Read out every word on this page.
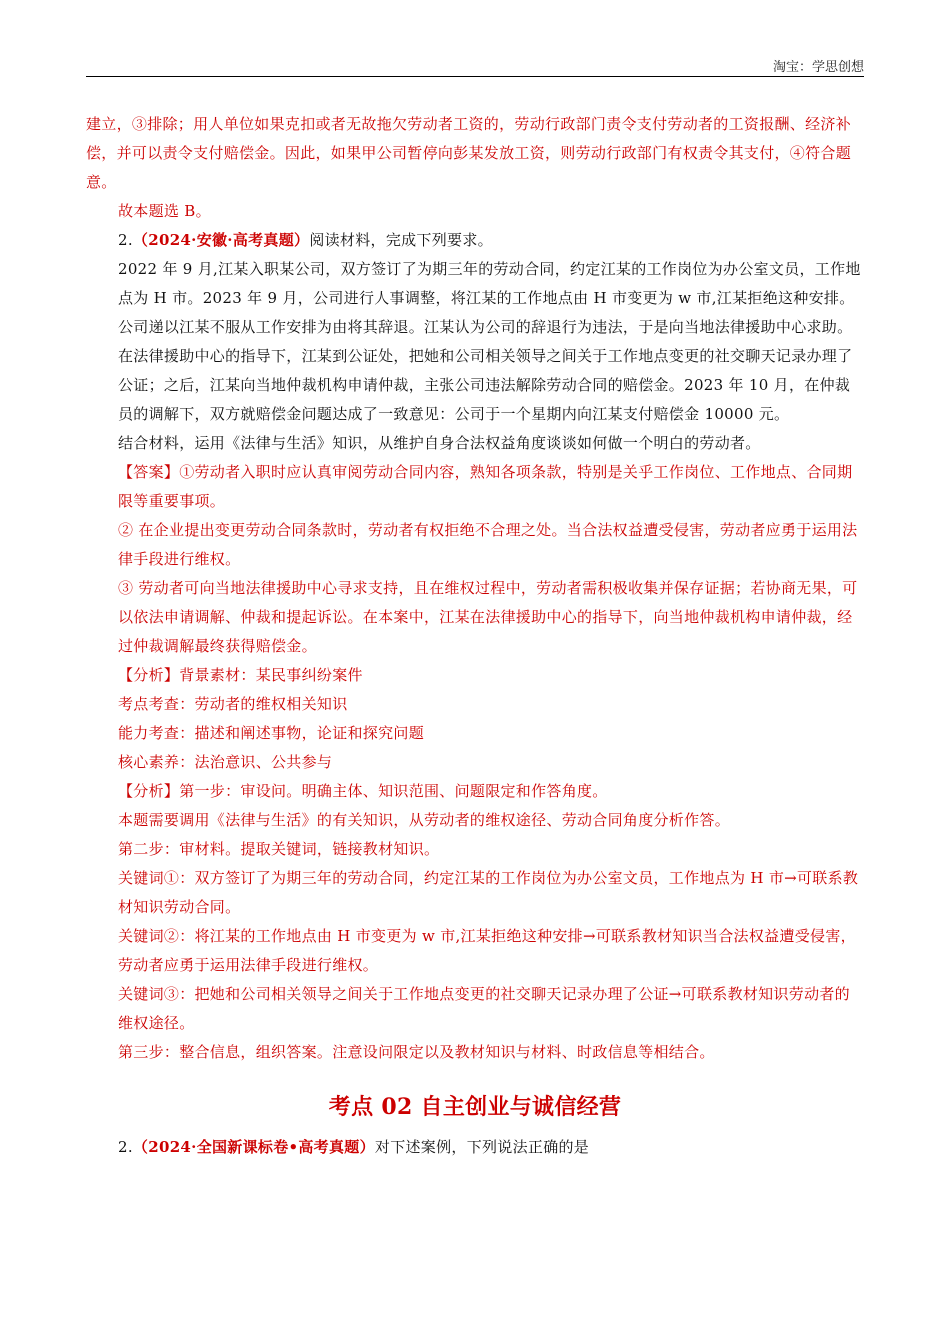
淘宝：学思创想

建立，③排除；用人单位如果克扣或者无故拖欠劳动者工资的，劳动行政部门责令支付劳动者的工资报酬、经济补偿，并可以责令支付赔偿金。因此，如果甲公司暂停向彭某发放工资，则劳动行政部门有权责令其支付，④符合题意。

故本题选 B。

2.（2024·安徽·高考真题）阅读材料，完成下列要求。

2022 年 9 月,江某入职某公司，双方签订了为期三年的劳动合同，约定江某的工作岗位为办公室文员，工作地点为 H 市。2023 年 9 月，公司进行人事调整，将江某的工作地点由 H 市变更为 w 市,江某拒绝这种安排。公司递以江某不服从工作安排为由将其辞退。江某认为公司的辞退行为违法，于是向当地法律援助中心求助。在法律援助中心的指导下，江某到公证处，把她和公司相关领导之间关于工作地点变更的社交聊天记录办理了公证；之后，江某向当地仲裁机构申请仲裁，主张公司违法解除劳动合同的赔偿金。2023 年 10 月，在仲裁员的调解下，双方就赔偿金问题达成了一致意见：公司于一个星期内向江某支付赔偿金 10000 元。

结合材料，运用《法律与生活》知识，从维护自身合法权益角度谈谈如何做一个明白的劳动者。

【答案】①劳动者入职时应认真审阅劳动合同内容，熟知各项条款，特别是关乎工作岗位、工作地点、合同期限等重要事项。

② 在企业提出变更劳动合同条款时，劳动者有权拒绝不合理之处。当合法权益遭受侵害，劳动者应勇于运用法律手段进行维权。

③ 劳动者可向当地法律援助中心寻求支持，且在维权过程中，劳动者需积极收集并保存证据；若协商无果，可以依法申请调解、仲裁和提起诉讼。在本案中，江某在法律援助中心的指导下，向当地仲裁机构申请仲裁，经过仲裁调解最终获得赔偿金。

【分析】背景素材：某民事纠纷案件

考点考查：劳动者的维权相关知识

能力考查：描述和阐述事物，论证和探究问题

核心素养：法治意识、公共参与

【分析】第一步：审设问。明确主体、知识范围、问题限定和作答角度。

本题需要调用《法律与生活》的有关知识，从劳动者的维权途径、劳动合同角度分析作答。

第二步：审材料。提取关键词，链接教材知识。

关键词①：双方签订了为期三年的劳动合同，约定江某的工作岗位为办公室文员，工作地点为 H 市→可联系教材知识劳动合同。

关键词②：将江某的工作地点由 H 市变更为 w 市,江某拒绝这种安排→可联系教材知识当合法权益遭受侵害，劳动者应勇于运用法律手段进行维权。

关键词③：把她和公司相关领导之间关于工作地点变更的社交聊天记录办理了公证→可联系教材知识劳动者的维权途径。

第三步：整合信息，组织答案。注意设问限定以及教材知识与材料、时政信息等相结合。

考点 02 自主创业与诚信经营

2.（2024·全国新课标卷•高考真题）对下述案例，下列说法正确的是
